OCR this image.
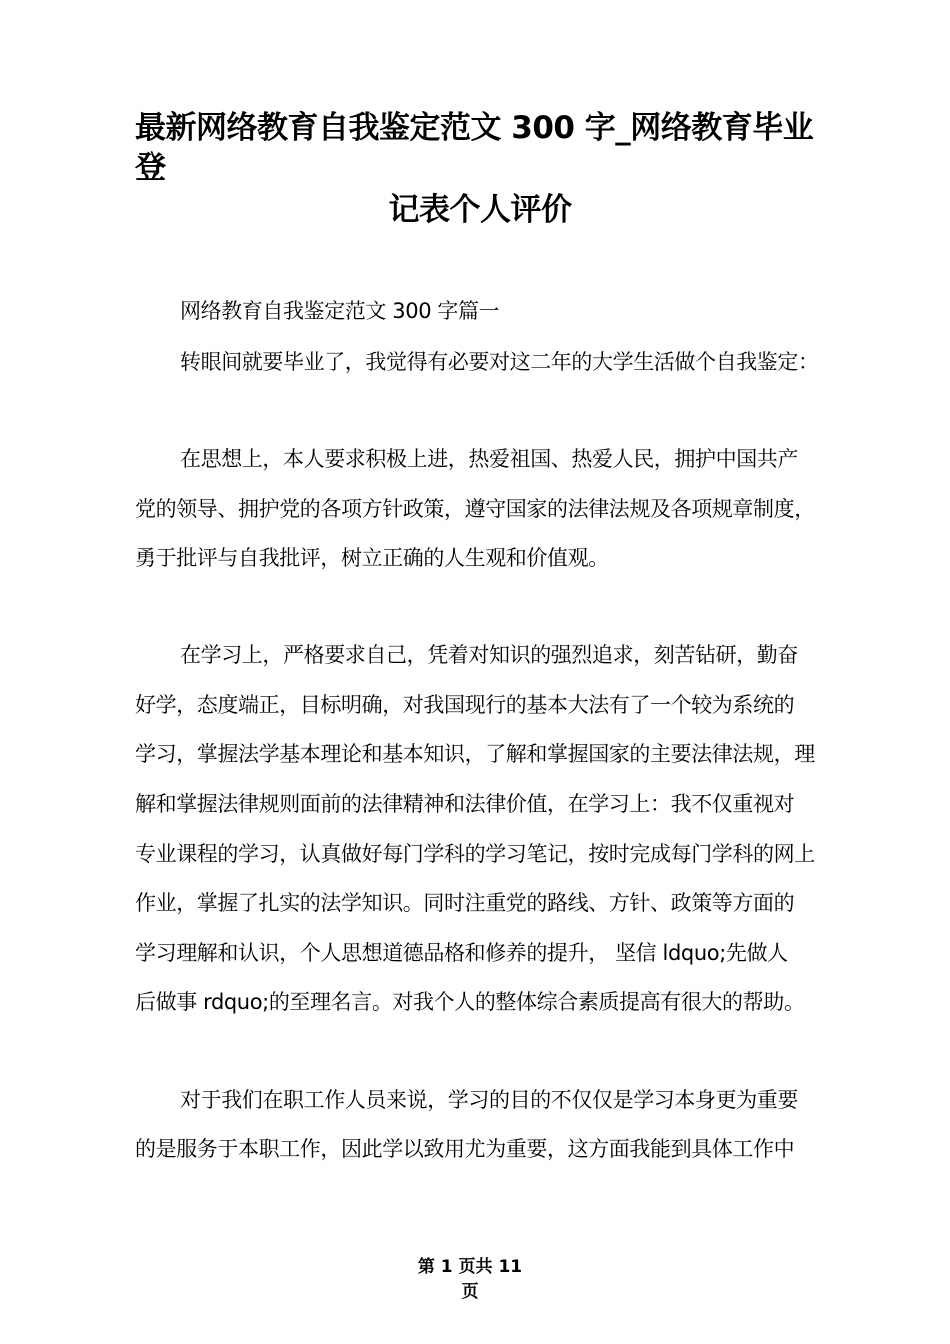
最新网络教育自我鉴定范文 300 字_网络教育毕业登
记表个人评价
网络教育自我鉴定范文 300 字篇一
转眼间就要毕业了，我觉得有必要对这二年的大学生活做个自我鉴定：
在思想上，本人要求积极上进，热爱祖国、热爱人民，拥护中国共产
党的领导、拥护党的各项方针政策，遵守国家的法律法规及各项规章制度，
勇于批评与自我批评，树立正确的人生观和价值观。
在学习上，严格要求自己，凭着对知识的强烈追求，刻苦钻研，勤奋
好学，态度端正，目标明确，对我国现行的基本大法有了一个较为系统的
学习，掌握法学基本理论和基本知识，了解和掌握国家的主要法律法规，理
解和掌握法律规则面前的法律精神和法律价值，在学习上：我不仅重视对
专业课程的学习，认真做好每门学科的学习笔记，按时完成每门学科的网上
作业，掌握了扎实的法学知识。同时注重党的路线、方针、政策等方面的
学习理解和认识，个人思想道德品格和修养的提升， 坚信 ldquo;先做人
后做事 rdquo;的至理名言。对我个人的整体综合素质提高有很大的帮助。
对于我们在职工作人员来说，学习的目的不仅仅是学习本身更为重要
的是服务于本职工作，因此学以致用尤为重要，这方面我能到具体工作中
第 1 页共 11
页
